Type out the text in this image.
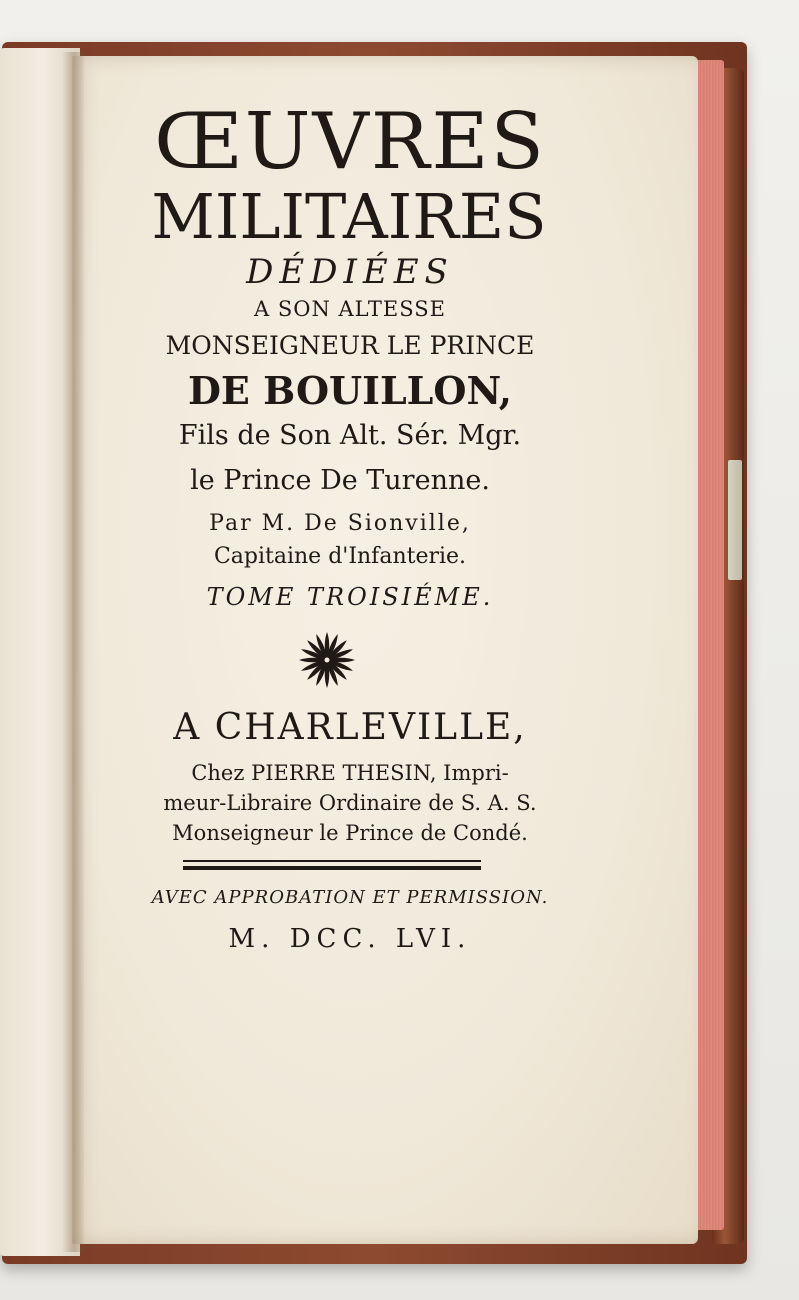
ŒUVRES
MILITAIRES
DÉDIÉES
A SON ALTESSE
MONSEIGNEUR LE PRINCE
DE BOUILLON,
Fils de Son Alt. Sér. Mgr.
le Prince De Turenne.
Par M. De Sionville,
Capitaine d'Infanterie.
TOME TROISIÉME.
A CHARLEVILLE,
Chez PIERRE THESIN, Impri-
meur-Libraire Ordinaire de S. A. S.
Monseigneur le Prince de Condé.
AVEC APPROBATION ET PERMISSION.
M. DCC. LVI.
